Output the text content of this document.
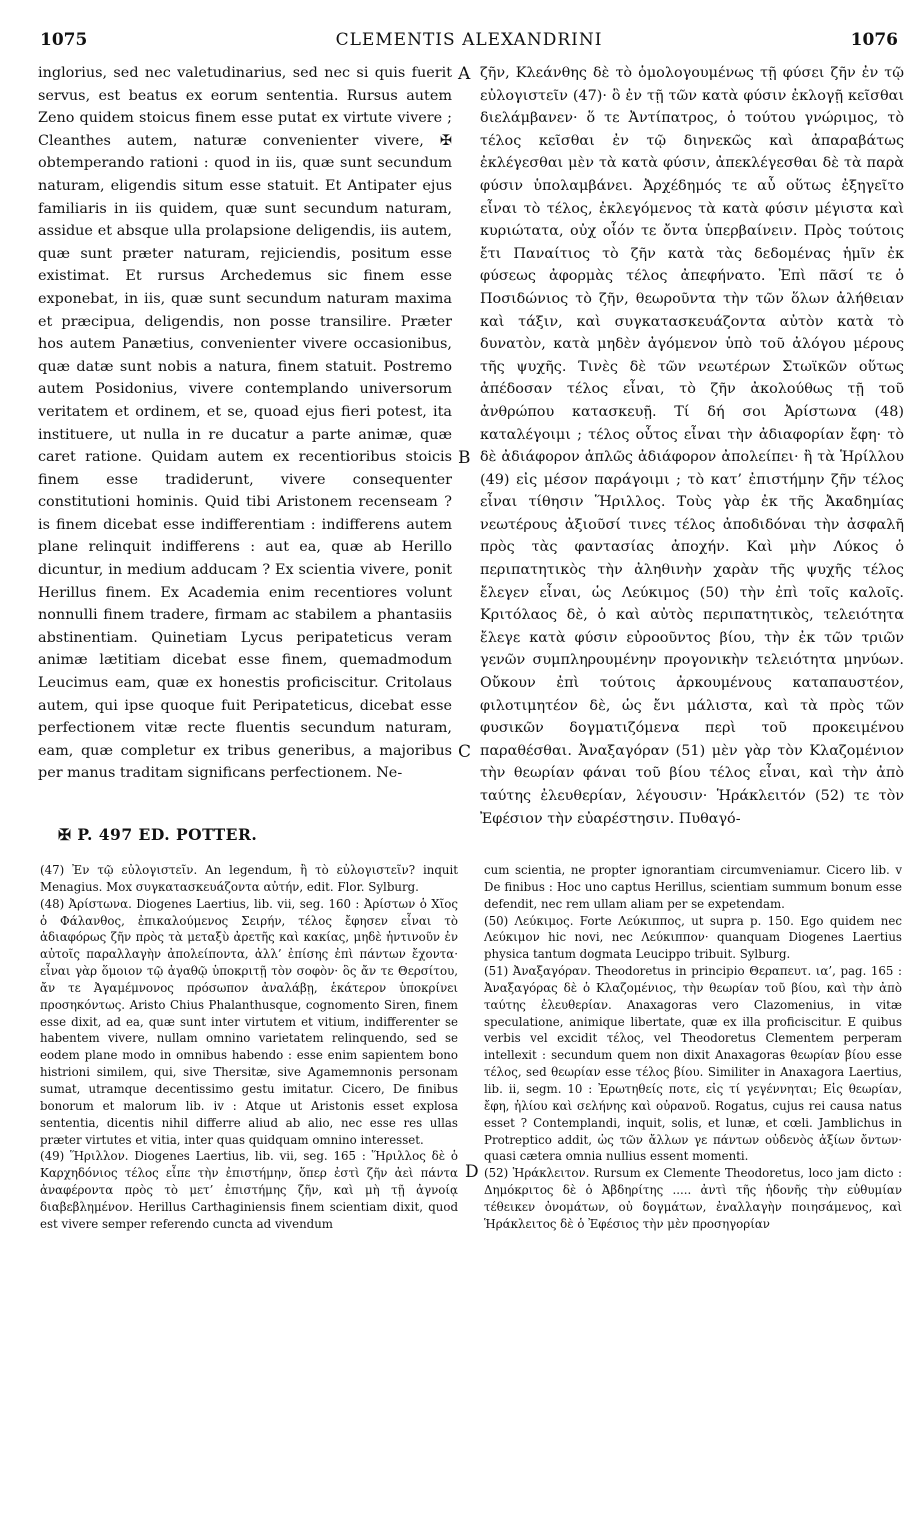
1075	CLEMENTIS ALEXANDRINI	1076

inglorius, sed nec valetudinarius, sed nec si quis fuerit servus, est beatus ex eorum sententia. Rursus autem Zeno quidem stoicus finem esse putat ex virtute vivere ; Cleanthes autem, naturæ convenienter vivere, ✠ obtemperando rationi : quod in iis, quæ sunt secundum naturam, eligendis situm esse statuit. Et Antipater ejus familiaris in iis quidem, quæ sunt secundum naturam, assidue et absque ulla prolapsione deligendis, iis autem, quæ sunt præter naturam, rejiciendis, positum esse existimat. Et rursus Archedemus sic finem esse exponebat, in iis, quæ sunt secundum naturam maxima et præcipua, deligendis, non posse transilire. Præter hos autem Panætius, convenienter vivere occasionibus, quæ datæ sunt nobis a natura, finem statuit. Postremo autem Posidonius, vivere contemplando universorum veritatem et ordinem, et se, quoad ejus fieri potest, ita instituere, ut nulla in re ducatur a parte animæ, quæ caret ratione. Quidam autem ex recentioribus stoicis finem esse tradiderunt, vivere consequenter constitutioni hominis. Quid tibi Aristonem recenseam ? is finem dicebat esse indifferentiam : indifferens autem plane relinquit indifferens : aut ea, quæ ab Herillo dicuntur, in medium adducam ? Ex scientia vivere, ponit Herillus finem. Ex Academia enim recentiores volunt nonnulli finem tradere, firmam ac stabilem a phantasiis abstinentiam. Quinetiam Lycus peripateticus veram animæ lætitiam dicebat esse finem, quemadmodum Leucimus eam, quæ ex honestis proficiscitur. Critolaus autem, qui ipse quoque fuit Peripateticus, dicebat esse perfectionem vitæ recte fluentis secundum naturam, eam, quæ completur ex tribus generibus, a majoribus per manus traditam significans perfectionem. Ne-

A
B
C
D

ζῆν, Κλεάνθης δὲ τὸ ὁμολογουμένως τῇ φύσει ζῆν ἐν τῷ εὐλογιστεῖν (47)· ὃ ἐν τῇ τῶν κατὰ φύσιν ἐκλογῇ κεῖσθαι διελάμβανεν· ὅ τε Ἀντίπατρος, ὁ τούτου γνώριμος, τὸ τέλος κεῖσθαι ἐν τῷ διηνεκῶς καὶ ἀπαραβάτως ἐκλέγεσθαι μὲν τὰ κατὰ φύσιν, ἀπεκλέγεσθαι δὲ τὰ παρὰ φύσιν ὑπολαμβάνει. Ἀρχέδημός τε αὖ οὕτως ἐξηγεῖτο εἶναι τὸ τέλος, ἐκλεγόμενος τὰ κατὰ φύσιν μέγιστα καὶ κυριώτατα, οὐχ οἷόν τε ὄντα ὑπερβαίνειν. Πρὸς τούτοις ἔτι Παναίτιος τὸ ζῆν κατὰ τὰς δεδομένας ἡμῖν ἐκ φύσεως ἀφορμὰς τέλος ἀπεφήνατο. Ἐπὶ πᾶσί τε ὁ Ποσιδώνιος τὸ ζῆν, θεωροῦντα τὴν τῶν ὅλων ἀλήθειαν καὶ τάξιν, καὶ συγκατασκευάζοντα αὐτὸν κατὰ τὸ δυνατὸν, κατὰ μηδὲν ἀγόμενον ὑπὸ τοῦ ἀλόγου μέρους τῆς ψυχῆς. Τινὲς δὲ τῶν νεωτέρων Στωϊκῶν οὕτως ἀπέδοσαν τέλος εἶναι, τὸ ζῆν ἀκολούθως τῇ τοῦ ἀνθρώπου κατασκευῇ. Τί δή σοι Ἀρίστωνα (48) καταλέγοιμι ; τέλος οὗτος εἶναι τὴν ἀδιαφορίαν ἔφη· τὸ δὲ ἀδιάφορον ἁπλῶς ἀδιάφορον ἀπολείπει· ἢ τὰ Ἡρίλλου (49) εἰς μέσον παράγοιμι ; τὸ κατ’ ἐπιστήμην ζῆν τέλος εἶναι τίθησιν Ἥριλλος. Τοὺς γὰρ ἐκ τῆς Ἀκαδημίας νεωτέρους ἀξιοῦσί τινες τέλος ἀποδιδόναι τὴν ἀσφαλῆ πρὸς τὰς φαντασίας ἀποχήν. Καὶ μὴν Λύκος ὁ περιπατητικὸς τὴν ἀληθινὴν χαρὰν τῆς ψυχῆς τέλος ἔλεγεν εἶναι, ὡς Λεύκιμος (50) τὴν ἐπὶ τοῖς καλοῖς. Κριτόλαος δὲ, ὁ καὶ αὐτὸς περιπατητικὸς, τελειότητα ἔλεγε κατὰ φύσιν εὐροοῦντος βίου, τὴν ἐκ τῶν τριῶν γενῶν συμπληρουμένην προγονικὴν τελειότητα μηνύων. Οὔκουν ἐπὶ τούτοις ἀρκουμένους καταπαυστέον, φιλοτιμητέον δὲ, ὡς ἔνι μάλιστα, καὶ τὰ πρὸς τῶν φυσικῶν δογματιζόμενα περὶ τοῦ προκειμένου παραθέσθαι. Ἀναξαγόραν (51) μὲν γὰρ τὸν Κλαζομένιον τὴν θεωρίαν φάναι τοῦ βίου τέλος εἶναι, καὶ τὴν ἀπὸ ταύτης ἐλευθερίαν, λέγουσιν· Ἡράκλειτόν (52) τε τὸν Ἐφέσιον τὴν εὐαρέστησιν. Πυθαγό-

✠ P. 497 ED. POTTER.

(47) Ἐν τῷ εὐλογιστεῖν. An legendum, ἢ τὸ εὐλογιστεῖν? inquit Menagius. Mox συγκατασκευάζοντα αὐτήν, edit. Flor. Sylburg.

(48) Ἀρίστωνα. Diogenes Laertius, lib. vii, seg. 160 : Ἀρίστων ὁ Χῖος ὁ Φάλανθος, ἐπικαλούμενος Σειρήν, τέλος ἔφησεν εἶναι τὸ ἀδιαφόρως ζῆν πρὸς τὰ μεταξὺ ἀρετῆς καὶ κακίας, μηδὲ ἡντινοῦν ἐν αὐτοῖς παραλλαγὴν ἀπολείποντα, ἀλλ’ ἐπίσης ἐπὶ πάντων ἔχοντα· εἶναι γὰρ ὅμοιον τῷ ἀγαθῷ ὑποκριτῇ τὸν σοφὸν· ὃς ἄν τε Θερσίτου, ἄν τε Ἀγαμέμνονος πρόσωπον ἀναλάβῃ, ἑκάτερον ὑποκρίνει προσηκόντως. Aristo Chius Phalanthusque, cognomento Siren, finem esse dixit, ad ea, quæ sunt inter virtutem et vitium, indifferenter se habentem vivere, nullam omnino varietatem relinquendo, sed se eodem plane modo in omnibus habendo : esse enim sapientem bono histrioni similem, qui, sive Thersitæ, sive Agamemnonis personam sumat, utramque decentissimo gestu imitatur. Cicero, De finibus bonorum et malorum lib. iv : Atque ut Aristonis esset explosa sententia, dicentis nihil differre aliud ab alio, nec esse res ullas præter virtutes et vitia, inter quas quidquam omnino interesset.

(49) Ἥριλλον. Diogenes Laertius, lib. vii, seg. 165 : Ἥριλλος δὲ ὁ Καρχηδόνιος τέλος εἶπε τὴν ἐπιστήμην, ὅπερ ἐστὶ ζῆν ἀεὶ πάντα ἀναφέροντα πρὸς τὸ μετ’ ἐπιστήμης ζῆν, καὶ μὴ τῇ ἀγνοίᾳ διαβεβλημένον. Herillus Carthaginiensis finem scientiam dixit, quod est vivere semper referendo cuncta ad vivendum

cum scientia, ne propter ignorantiam circumveniamur. Cicero lib. v De finibus : Hoc uno captus Herillus, scientiam summum bonum esse defendit, nec rem ullam aliam per se expetendam.

(50) Λεύκιμος. Forte Λεύκιππος, ut supra p. 150. Ego quidem nec Λεύκιμον hic novi, nec Λεύκιππον· quanquam Diogenes Laertius physica tantum dogmata Leucippo tribuit. Sylburg.

(51) Ἀναξαγόραν. Theodoretus in principio Θεραπευτ. ια’, pag. 165 : Ἀναξαγόρας δὲ ὁ Κλαζομένιος, τὴν θεωρίαν τοῦ βίου, καὶ τὴν ἀπὸ ταύτης ἐλευθερίαν. Anaxagoras vero Clazomenius, in vitæ speculatione, animique libertate, quæ ex illa proficiscitur. E quibus verbis vel excidit τέλος, vel Theodoretus Clementem perperam intellexit : secundum quem non dixit Anaxagoras θεωρίαν βίου esse τέλος, sed θεωρίαν esse τέλος βίου. Similiter in Anaxagora Laertius, lib. ii, segm. 10 : Ἐρωτηθείς ποτε, εἰς τί γεγέννηται; Εἰς θεωρίαν, ἔφη, ἡλίου καὶ σελήνης καὶ οὐρανοῦ. Rogatus, cujus rei causa natus esset ? Contemplandi, inquit, solis, et lunæ, et cœli. Jamblichus in Protreptico addit, ὡς τῶν ἄλλων γε πάντων οὐδενὸς ἀξίων ὄντων· quasi cætera omnia nullius essent momenti.

(52) Ἡράκλειτον. Rursum ex Clemente Theodoretus, loco jam dicto : Δημόκριτος δὲ ὁ Ἀβδηρίτης ..... ἀντὶ τῆς ἡδονῆς τὴν εὐθυμίαν τέθεικεν ὀνομάτων, οὐ δογμάτων, ἐναλλαγὴν ποιησάμενος, καὶ Ἡράκλειτος δὲ ὁ Ἐφέσιος τὴν μὲν προσηγορίαν
